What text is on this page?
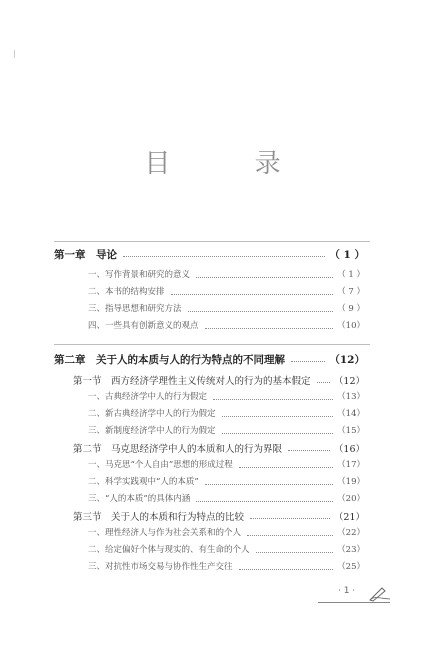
目 录
第一章　导论	（ 1 ）
一、写作背景和研究的意义	（ 1 ）
二、本书的结构安排	（ 7 ）
三、指导思想和研究方法	（ 9 ）
四、一些具有创新意义的观点	（10）
第二章　关于人的本质与人的行为特点的不同理解	（12）
第一节　西方经济学理性主义传统对人的行为的基本假定 （12）
一、古典经济学中人的行为假定	（13）
二、新古典经济学中人的行为假定	（14）
三、新制度经济学中人的行为假定	（15）
第二节　马克思经济学中人的本质和人的行为界限	（16）
一、马克思“个人自由”思想的形成过程	（17）
二、科学实践观中“人的本质”	（19）
三、“人的本质”的具体内涵	（20）
第三节　关于人的本质和行为特点的比较	（21）
一、理性经济人与作为社会关系和的个人	（22）
二、给定偏好个体与现实的、有生命的个人	（23）
三、对抗性市场交易与协作性生产交往	（25）
· 1 ·
